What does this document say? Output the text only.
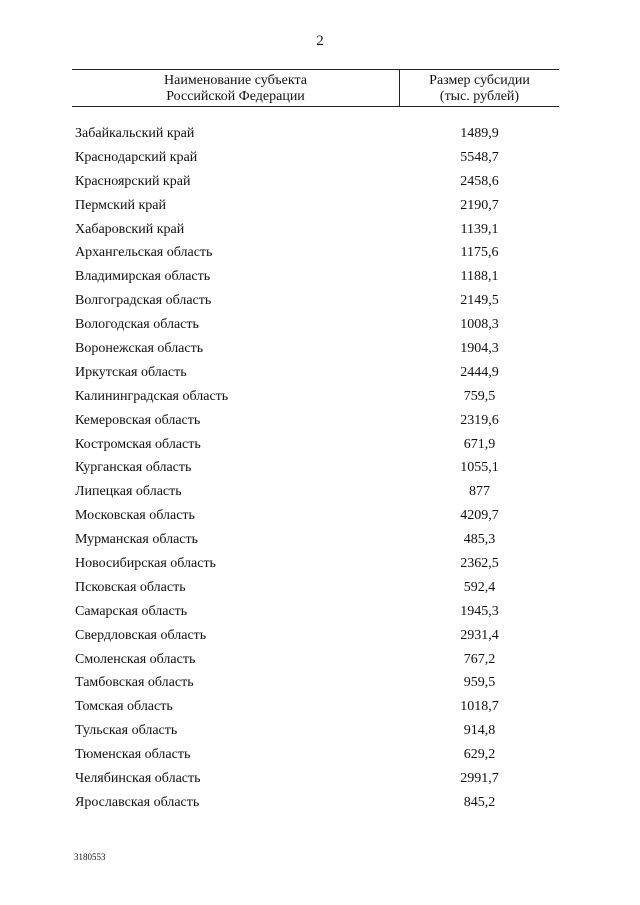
2
Наименование субъекта
Российской Федерации
Размер субсидии
(тыс. рублей)
Забайкальский край	1489,9
Краснодарский край	5548,7
Красноярский край	2458,6
Пермский край	2190,7
Хабаровский край	1139,1
Архангельская область	1175,6
Владимирская область	1188,1
Волгоградская область	2149,5
Вологодская область	1008,3
Воронежская область	1904,3
Иркутская область	2444,9
Калининградская область	759,5
Кемеровская область	2319,6
Костромская область	671,9
Курганская область	1055,1
Липецкая область	877
Московская область	4209,7
Мурманская область	485,3
Новосибирская область	2362,5
Псковская область	592,4
Самарская область	1945,3
Свердловская область	2931,4
Смоленская область	767,2
Тамбовская область	959,5
Томская область	1018,7
Тульская область	914,8
Тюменская область	629,2
Челябинская область	2991,7
Ярославская область	845,2
3180553
